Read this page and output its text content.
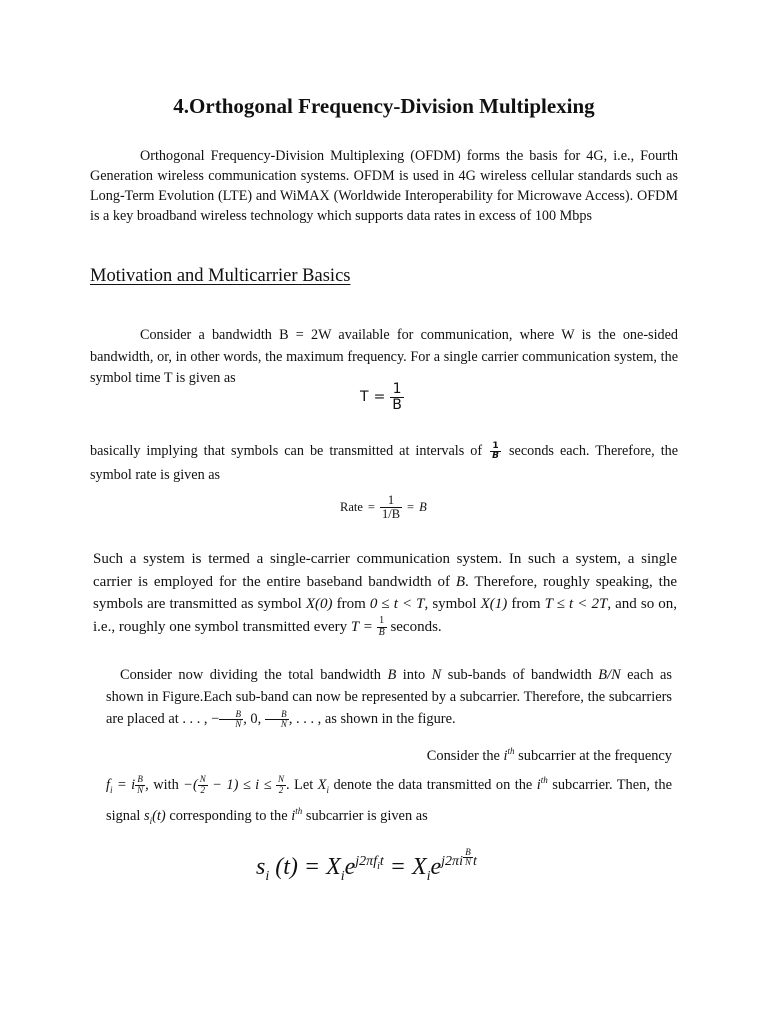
4.Orthogonal Frequency-Division Multiplexing

Orthogonal Frequency-Division Multiplexing (OFDM) forms the basis for 4G, i.e., Fourth Generation wireless communication systems. OFDM is used in 4G wireless cellular standards such as Long-Term Evolution (LTE) and WiMAX (Worldwide Interoperability for Microwave Access). OFDM is a key broadband wireless technology which supports data rates in excess of 100 Mbps

Motivation and Multicarrier Basics

Consider a bandwidth B = 2W available for communication, where W is the one-sided bandwidth, or, in other words, the maximum frequency. For a single carrier communication system, the symbol time T is given as

$T = \frac{1}{B}$

basically implying that symbols can be transmitted at intervals of $\frac{1}{B}$ seconds each. Therefore, the symbol rate is given as

Rate = $\frac{1}{1/B} = B$

Such a system is termed a single-carrier communication system. In such a system, a single carrier is employed for the entire baseband bandwidth of B. Therefore, roughly speaking, the symbols are transmitted as symbol X(0) from 0 ≤ t < T, symbol X(1) from T ≤ t < 2T, and so on, i.e., roughly one symbol transmitted every $T = \frac{1}{B}$ seconds.

Consider now dividing the total bandwidth B into N sub-bands of bandwidth B/N each as shown in Figure.Each sub-band can now be represented by a subcarrier. Therefore, the subcarriers are placed at . . . , − $\frac{B}{N}$ , 0, $\frac{B}{N}$ , . . . , as shown in the figure.

Consider the $i^{th}$ subcarrier at the frequency
$f_i = i \frac{B}{N}$ , with −( $\frac{N}{2} - 1) \le i \le \frac{N}{2}$ . Let $X_i$ denote the data transmitted on the $i^{th}$ subcarrier. Then, the signal $s_i(t)$ corresponding to the $i^{th}$ subcarrier is given as
$s_i$ $(t) = X_ie^{j2\pi f_it} = X_ie^{j2\pi i \frac{B}{N} t}$
